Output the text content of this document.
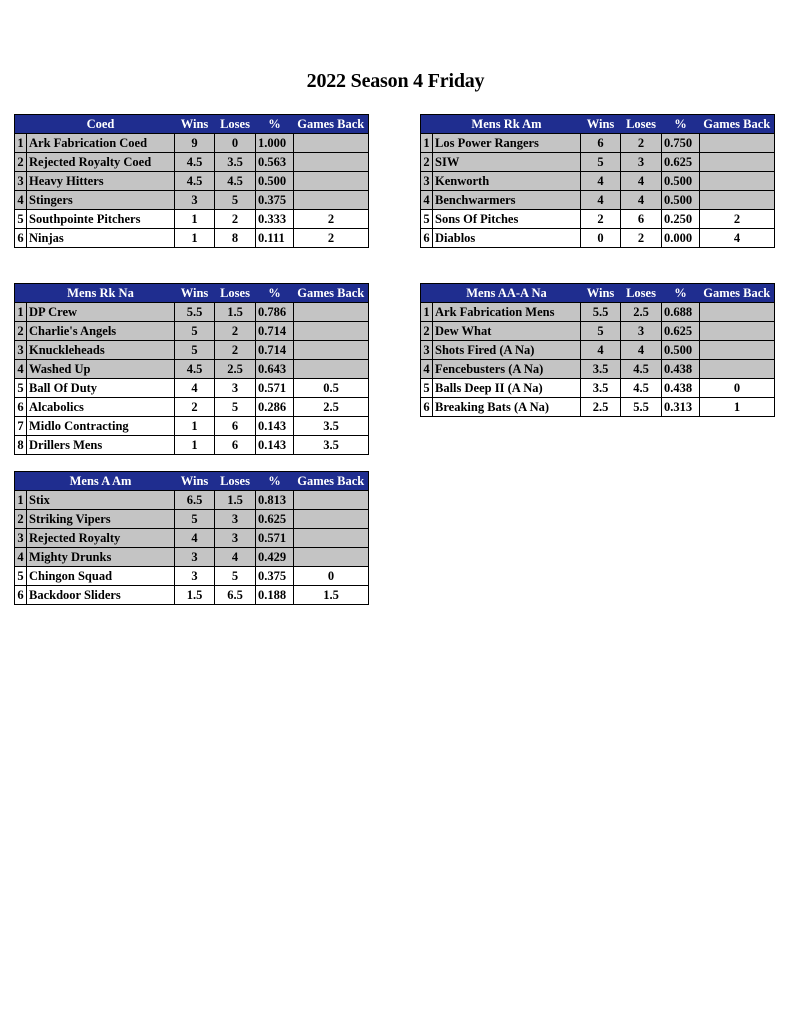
2022 Season 4 Friday
	Coed	Wins	Loses	%	Games Back
1	Ark Fabrication Coed	9	0	1.000	
2	Rejected Royalty Coed	4.5	3.5	0.563	
3	Heavy Hitters	4.5	4.5	0.500	
4	Stingers	3	5	0.375	
5	Southpointe Pitchers	1	2	0.333	2
6	Ninjas	1	8	0.111	2
	Mens Rk Am	Wins	Loses	%	Games Back
1	Los Power Rangers	6	2	0.750	
2	SIW	5	3	0.625	
3	Kenworth	4	4	0.500	
4	Benchwarmers	4	4	0.500	
5	Sons Of Pitches	2	6	0.250	2
6	Diablos	0	2	0.000	4
	Mens Rk Na	Wins	Loses	%	Games Back
1	DP Crew	5.5	1.5	0.786	
2	Charlie's Angels	5	2	0.714	
3	Knuckleheads	5	2	0.714	
4	Washed Up	4.5	2.5	0.643	
5	Ball Of Duty	4	3	0.571	0.5
6	Alcabolics	2	5	0.286	2.5
7	Midlo Contracting	1	6	0.143	3.5
8	Drillers Mens	1	6	0.143	3.5
	Mens AA-A Na	Wins	Loses	%	Games Back
1	Ark Fabrication Mens	5.5	2.5	0.688	
2	Dew What	5	3	0.625	
3	Shots Fired (A Na)	4	4	0.500	
4	Fencebusters (A Na)	3.5	4.5	0.438	
5	Balls Deep II (A Na)	3.5	4.5	0.438	0
6	Breaking Bats (A Na)	2.5	5.5	0.313	1
	Mens A Am	Wins	Loses	%	Games Back
1	Stix	6.5	1.5	0.813	
2	Striking Vipers	5	3	0.625	
3	Rejected Royalty	4	3	0.571	
4	Mighty Drunks	3	4	0.429	
5	Chingon Squad	3	5	0.375	0
6	Backdoor Sliders	1.5	6.5	0.188	1.5
